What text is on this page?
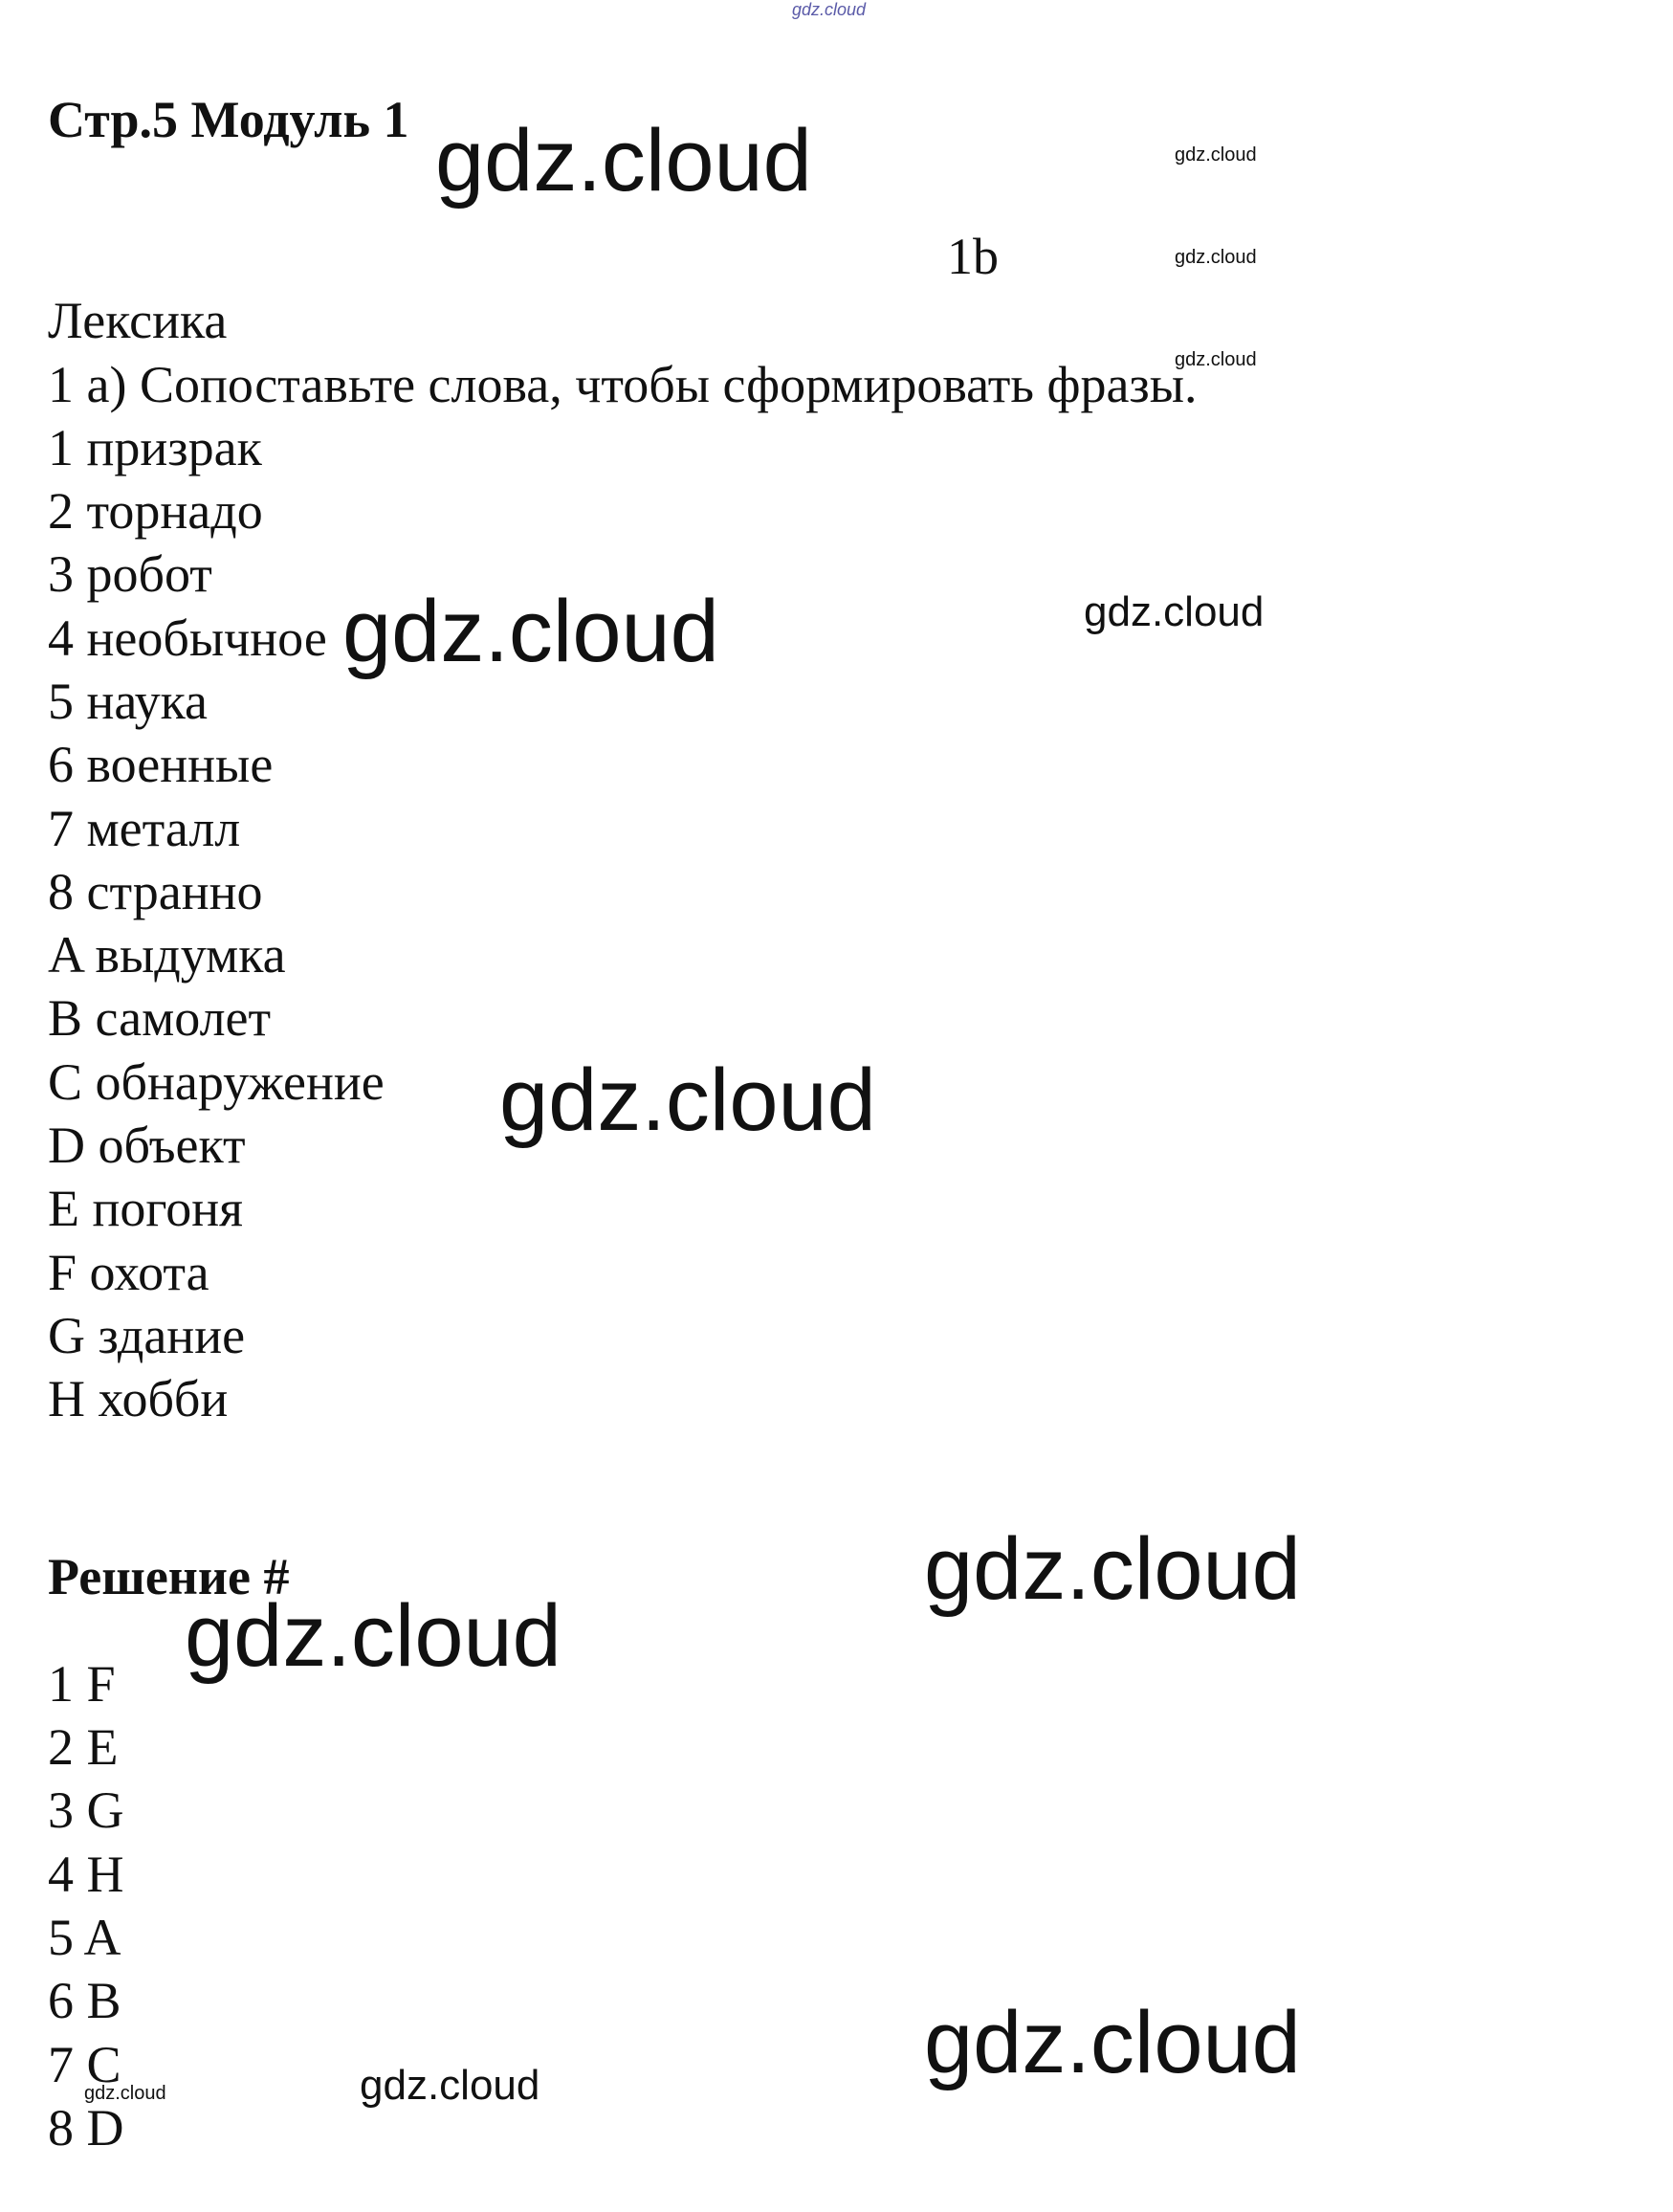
gdz.cloud
Стр.5 Модуль 1
1b
Лексика
1 a) Сопоставьте слова, чтобы сформировать фразы.
1 призрак
2 торнадо
3 робот
4 необычное
5 наука
6 военные
7 металл
8 странно
A выдумка
B самолет
C обнаружение
D объект
E погоня
F охота
G здание
H хобби
Решение #
1 F
2 E
3 G
4 H
5 A
6 B
7 C
8 D
gdz.cloud	gdz.cloud
gdz.cloud
gdz.cloud
gdz.cloud	gdz.cloud
gdz.cloud
gdz.cloud
gdz.cloud
gdz.cloud
gdz.cloud
gdz.cloud
